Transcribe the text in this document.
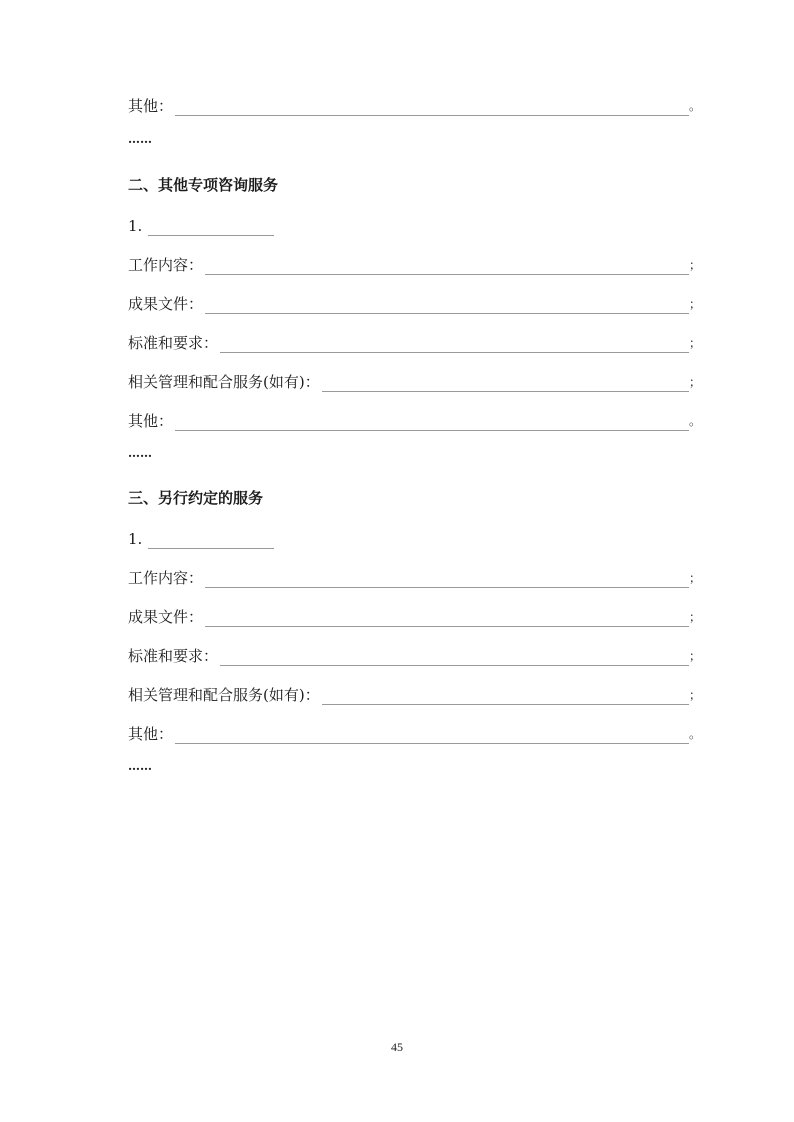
其他：	。
……
二、其他专项咨询服务
1.
工作内容：	；
成果文件：	；
标准和要求：	；
相关管理和配合服务(如有)：	；
其他：	。
……
三、另行约定的服务
1.
工作内容：	；
成果文件：	；
标准和要求：	；
相关管理和配合服务(如有)：	；
其他：	。
……
45
